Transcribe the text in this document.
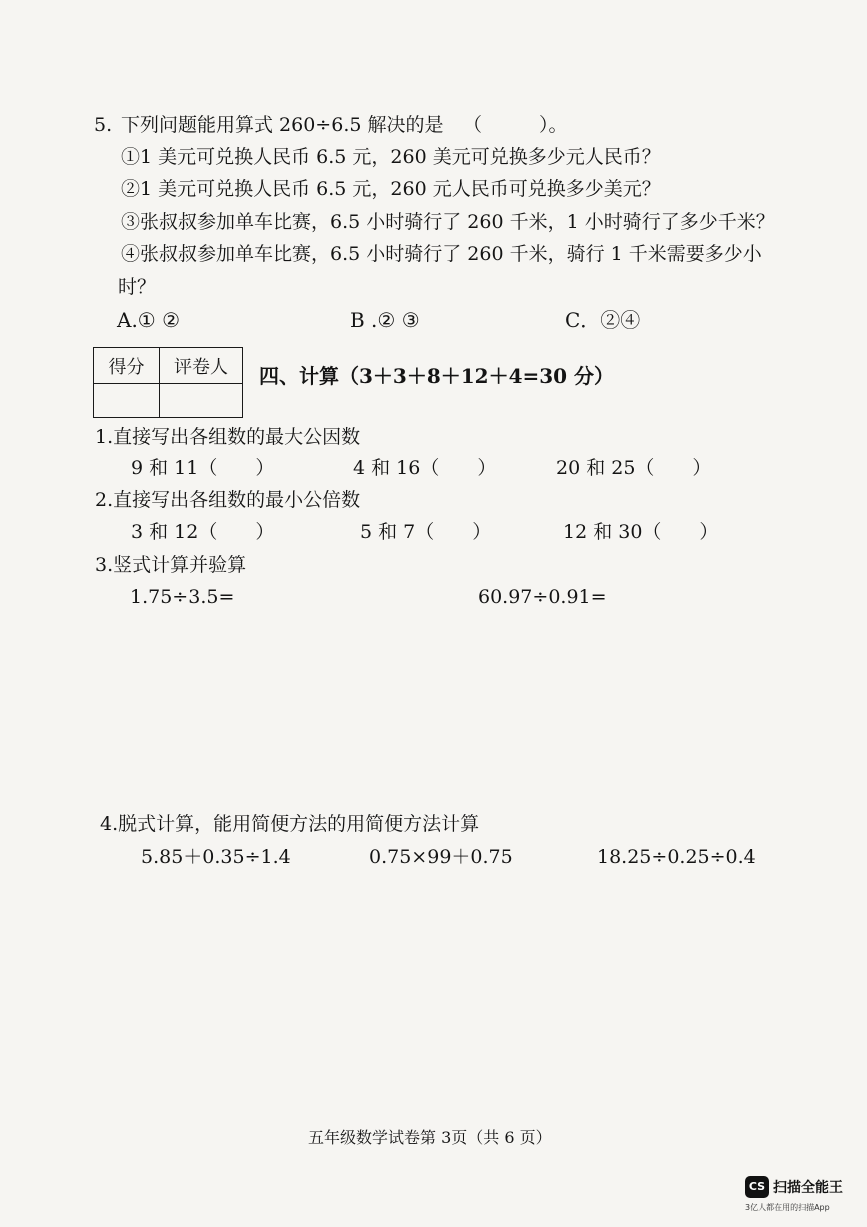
5. 下列问题能用算式 260÷6.5 解决的是 （　　　）。
①1 美元可兑换人民币 6.5 元，260 美元可兑换多少元人民币？
②1 美元可兑换人民币 6.5 元，260 元人民币可兑换多少美元？
③张叔叔参加单车比赛，6.5 小时骑行了 260 千米，1 小时骑行了多少千米？
④张叔叔参加单车比赛，6.5 小时骑行了 260 千米，骑行 1 千米需要多少小
时？
A.① ②	B .② ③	C．②④
得分	评卷人
	四、计算（3＋3＋8＋12＋4=30 分）
1.直接写出各组数的最大公因数
9 和 11（　　）	4 和 16（　　）	20 和 25（　　）
2.直接写出各组数的最小公倍数
3 和 12（　　）	5 和 7（　　）	12 和 30（　　）
3.竖式计算并验算
1.75÷3.5=	60.97÷0.91=
4.脱式计算，能用简便方法的用简便方法计算
5.85＋0.35÷1.4	0.75×99＋0.75	18.25÷0.25÷0.4
五年级数学试卷第 3页（共 6 页）
CS 扫描全能王
3亿人都在用的扫描App
